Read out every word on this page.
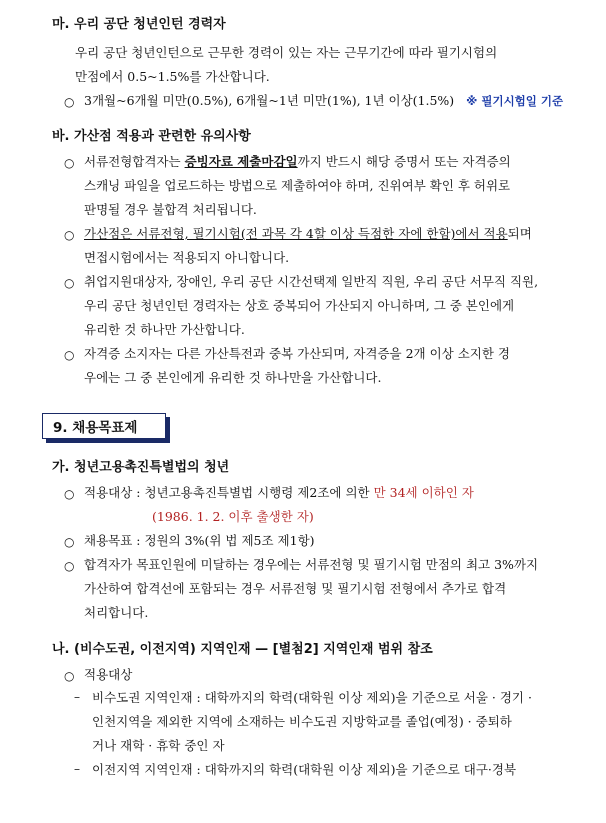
마. 우리 공단 청년인턴 경력자
우리 공단 청년인턴으로 근무한 경력이 있는 자는 근무기간에 따라 필기시험의
만점에서 0.5~1.5%를 가산합니다.
○ 3개월~6개월 미만(0.5%), 6개월~1년 미만(1%), 1년 이상(1.5%) ※ 필기시험일 기준
바. 가산점 적용과 관련한 유의사항
○ 서류전형합격자는 증빙자료 제출마감일까지 반드시 해당 증명서 또는 자격증의
스캐닝 파일을 업로드하는 방법으로 제출하여야 하며, 진위여부 확인 후 허위로
판명될 경우 불합격 처리됩니다.
○ 가산점은 서류전형, 필기시험(전 과목 각 4할 이상 득점한 자에 한함)에서 적용되며
면접시험에서는 적용되지 아니합니다.
○ 취업지원대상자, 장애인, 우리 공단 시간선택제 일반직 직원, 우리 공단 서무직 직원,
우리 공단 청년인턴 경력자는 상호 중복되어 가산되지 아니하며, 그 중 본인에게
유리한 것 하나만 가산합니다.
○ 자격증 소지자는 다른 가산특전과 중복 가산되며, 자격증을 2개 이상 소지한 경
우에는 그 중 본인에게 유리한 것 하나만을 가산합니다.
9. 채용목표제
가. 청년고용촉진특별법의 청년
○ 적용대상 : 청년고용촉진특별법 시행령 제2조에 의한 만 34세 이하인 자
(1986. 1. 2. 이후 출생한 자)
○ 채용목표 : 정원의 3%(위 법 제5조 제1항)
○ 합격자가 목표인원에 미달하는 경우에는 서류전형 및 필기시험 만점의 최고 3%까지
가산하여 합격선에 포함되는 경우 서류전형 및 필기시험 전형에서 추가로 합격
처리합니다.
나. (비수도권, 이전지역) 지역인재 — [별첨2] 지역인재 범위 참조
○ 적용대상
– 비수도권 지역인재 : 대학까지의 학력(대학원 이상 제외)을 기준으로 서울 · 경기 ·
인천지역을 제외한 지역에 소재하는 비수도권 지방학교를 졸업(예정) · 중퇴하
거나 재학 · 휴학 중인 자
– 이전지역 지역인재 : 대학까지의 학력(대학원 이상 제외)을 기준으로 대구·경북
